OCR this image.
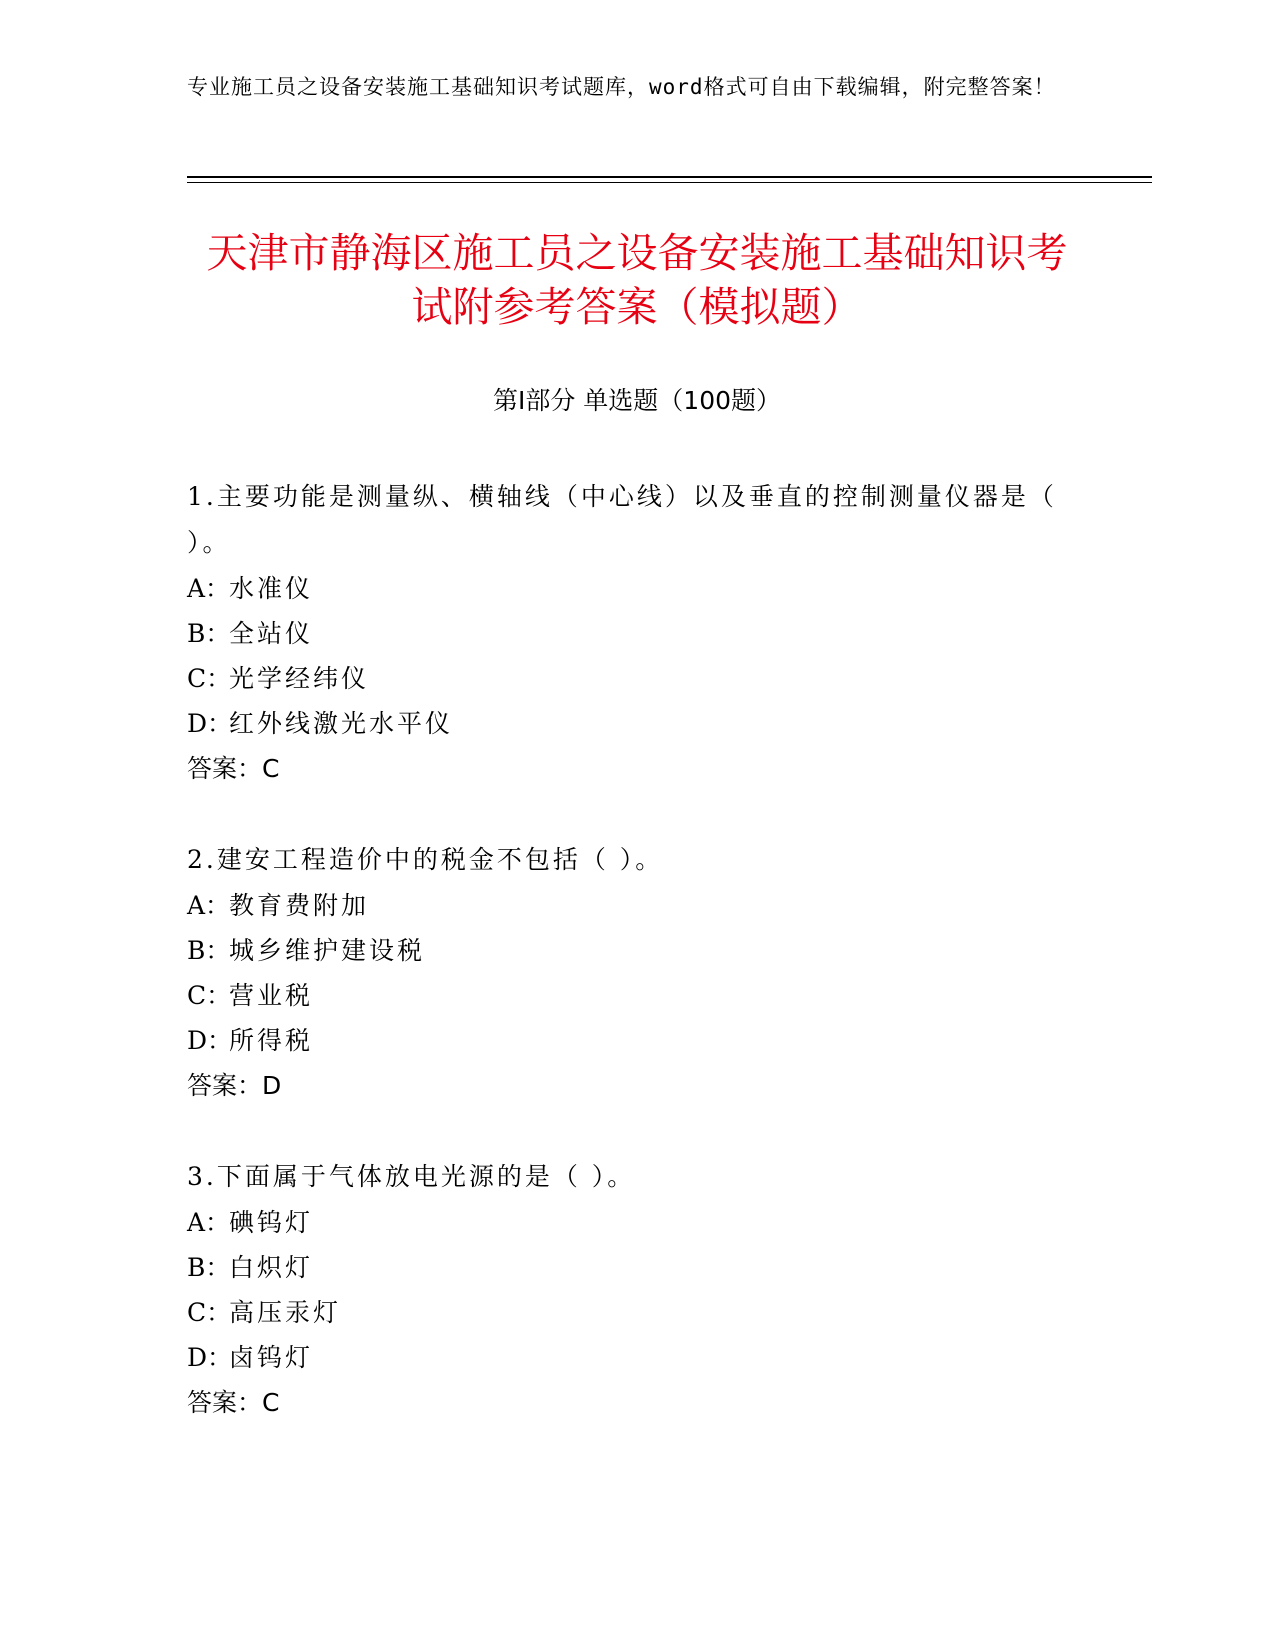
专业施工员之设备安装施工基础知识考试题库，word格式可自由下载编辑，附完整答案！

天津市静海区施工员之设备安装施工基础知识考试附参考答案（模拟题）
第Ⅰ部分 单选题（100题）

1.主要功能是测量纵、横轴线（中心线）以及垂直的控制测量仪器是（ ）。

A：水准仪

B：全站仪

C：光学经纬仪

D：红外线激光水平仪

答案：C

2.建安工程造价中的税金不包括（ ）。

A：教育费附加

B：城乡维护建设税

C：营业税

D：所得税

答案：D

3.下面属于气体放电光源的是（ ）。

A：碘钨灯

B：白炽灯

C：高压汞灯

D：卤钨灯

答案：C
